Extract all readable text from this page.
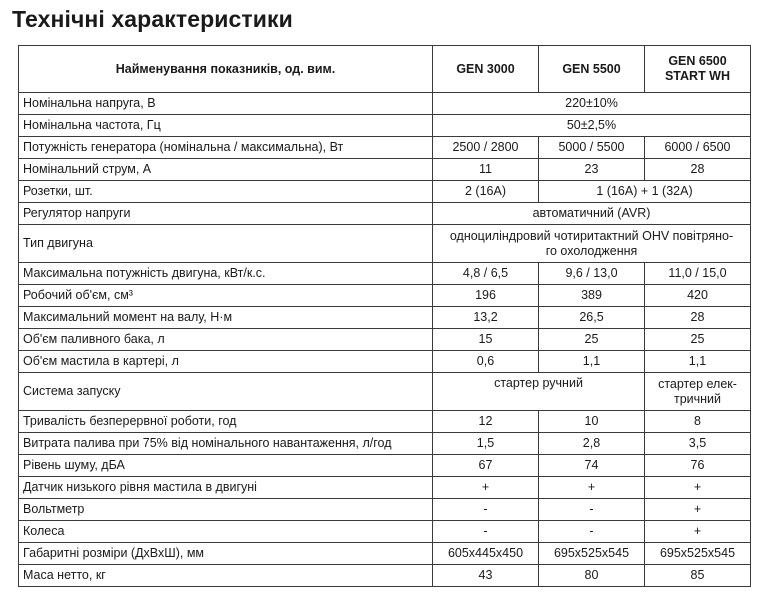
Технічні характеристики
Найменування показників, од. вим.	GEN 3000	GEN 5500	GEN 6500
START WH
Номінальна напруга, В	220±10%		
Номінальна частота, Гц	50±2,5%		
Потужність генератора (номінальна / максимальна), Вт	2500 / 2800	5000 / 5500	6000 / 6500
Номінальний струм, А	11	23	28
Розетки, шт.	2 (16А)	1 (16А) + 1 (32А)	
Регулятор напруги	автоматичний (AVR)		
Тип двигуна	одноциліндровий чотиритактний OHV повітряно-
го охолодження		
Максимальна потужність двигуна, кВт/к.с.	4,8 / 6,5	9,6 / 13,0	11,0 / 15,0
Робочий об'єм, см³	196	389	420
Максимальний момент на валу, Н·м	13,2	26,5	28
Об'єм паливного бака, л	15	25	25
Об'єм мастила в картері, л	0,6	1,1	1,1
Система запуску	стартер ручний		стартер елек-
тричний
Тривалість безперервної роботи, год	12	10	8
Витрата палива при 75% від номінального навантаження, л/год	1,5	2,8	3,5
Рівень шуму, дБА	67	74	76
Датчик низького рівня мастила в двигуні	+	+	+
Вольтметр	-	-	+
Колеса	-	-	+
Габаритні розміри (ДхВхШ), мм	605х445х450	695х525х545	695х525х545
Маса нетто, кг	43	80	85
